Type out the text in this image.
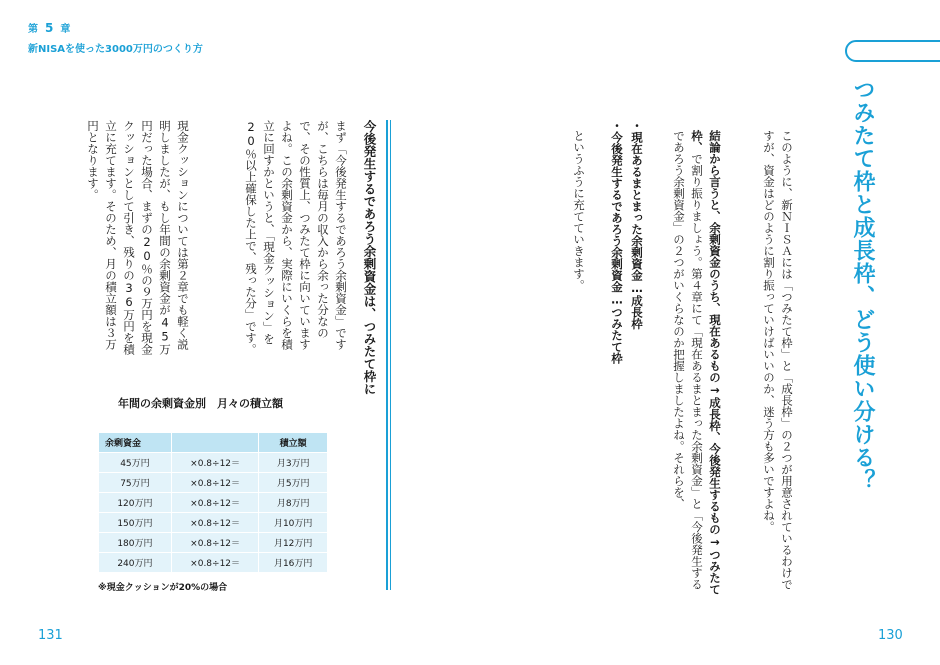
第 5 章
新NISAを使った3000万円のつくり方
つみたて枠と成長枠、どう使い分ける？
このように、新ＮＩＳＡには「つみたて枠」と「成長枠」の２つが用意されているわけですが、資金はどのように割り振っていけばいいのか、迷う方も多いですよね。
結論から言うと、余剰資金のうち、現在あるもの→成長枠、今後発生するもの→つみたて枠、で割り振りましょう。第４章にて「現在あるまとまった余剰資金」と「今後発生するであろう余剰資金」の２つがいくらなのか把握しましたよね。それらを、
・現在あるまとまった余剰資金…成長枠
・今後発生するであろう余剰資金…つみたて枠
というふうに充てていきます。
今後発生するであろう余剰資金は、つみたて枠に
まず「今後発生するであろう余剰資金」ですが、こちらは毎月の収入から余った分なので、その性質上、つみたて枠に向いていますよね。この余剰資金から、実際にいくらを積立に回すかというと、「現金クッション」を20％以上確保した上で、残った分」です。
現金クッションについては第２章でも軽く説明しましたが、もし年間の余剰資金が45万円だった場合、まずの20％の９万円を現金クッションとして引き、残りの36万円を積立に充てます。そのため、月の積立額は３万円となります。
年間の余剰資金別　月々の積立額
余剰資金		積立額
45万円	×0.8÷12＝	月3万円
75万円	×0.8÷12＝	月5万円
120万円	×0.8÷12＝	月8万円
150万円	×0.8÷12＝	月10万円
180万円	×0.8÷12＝	月12万円
240万円	×0.8÷12＝	月16万円
※現金クッションが20%の場合
131	130
